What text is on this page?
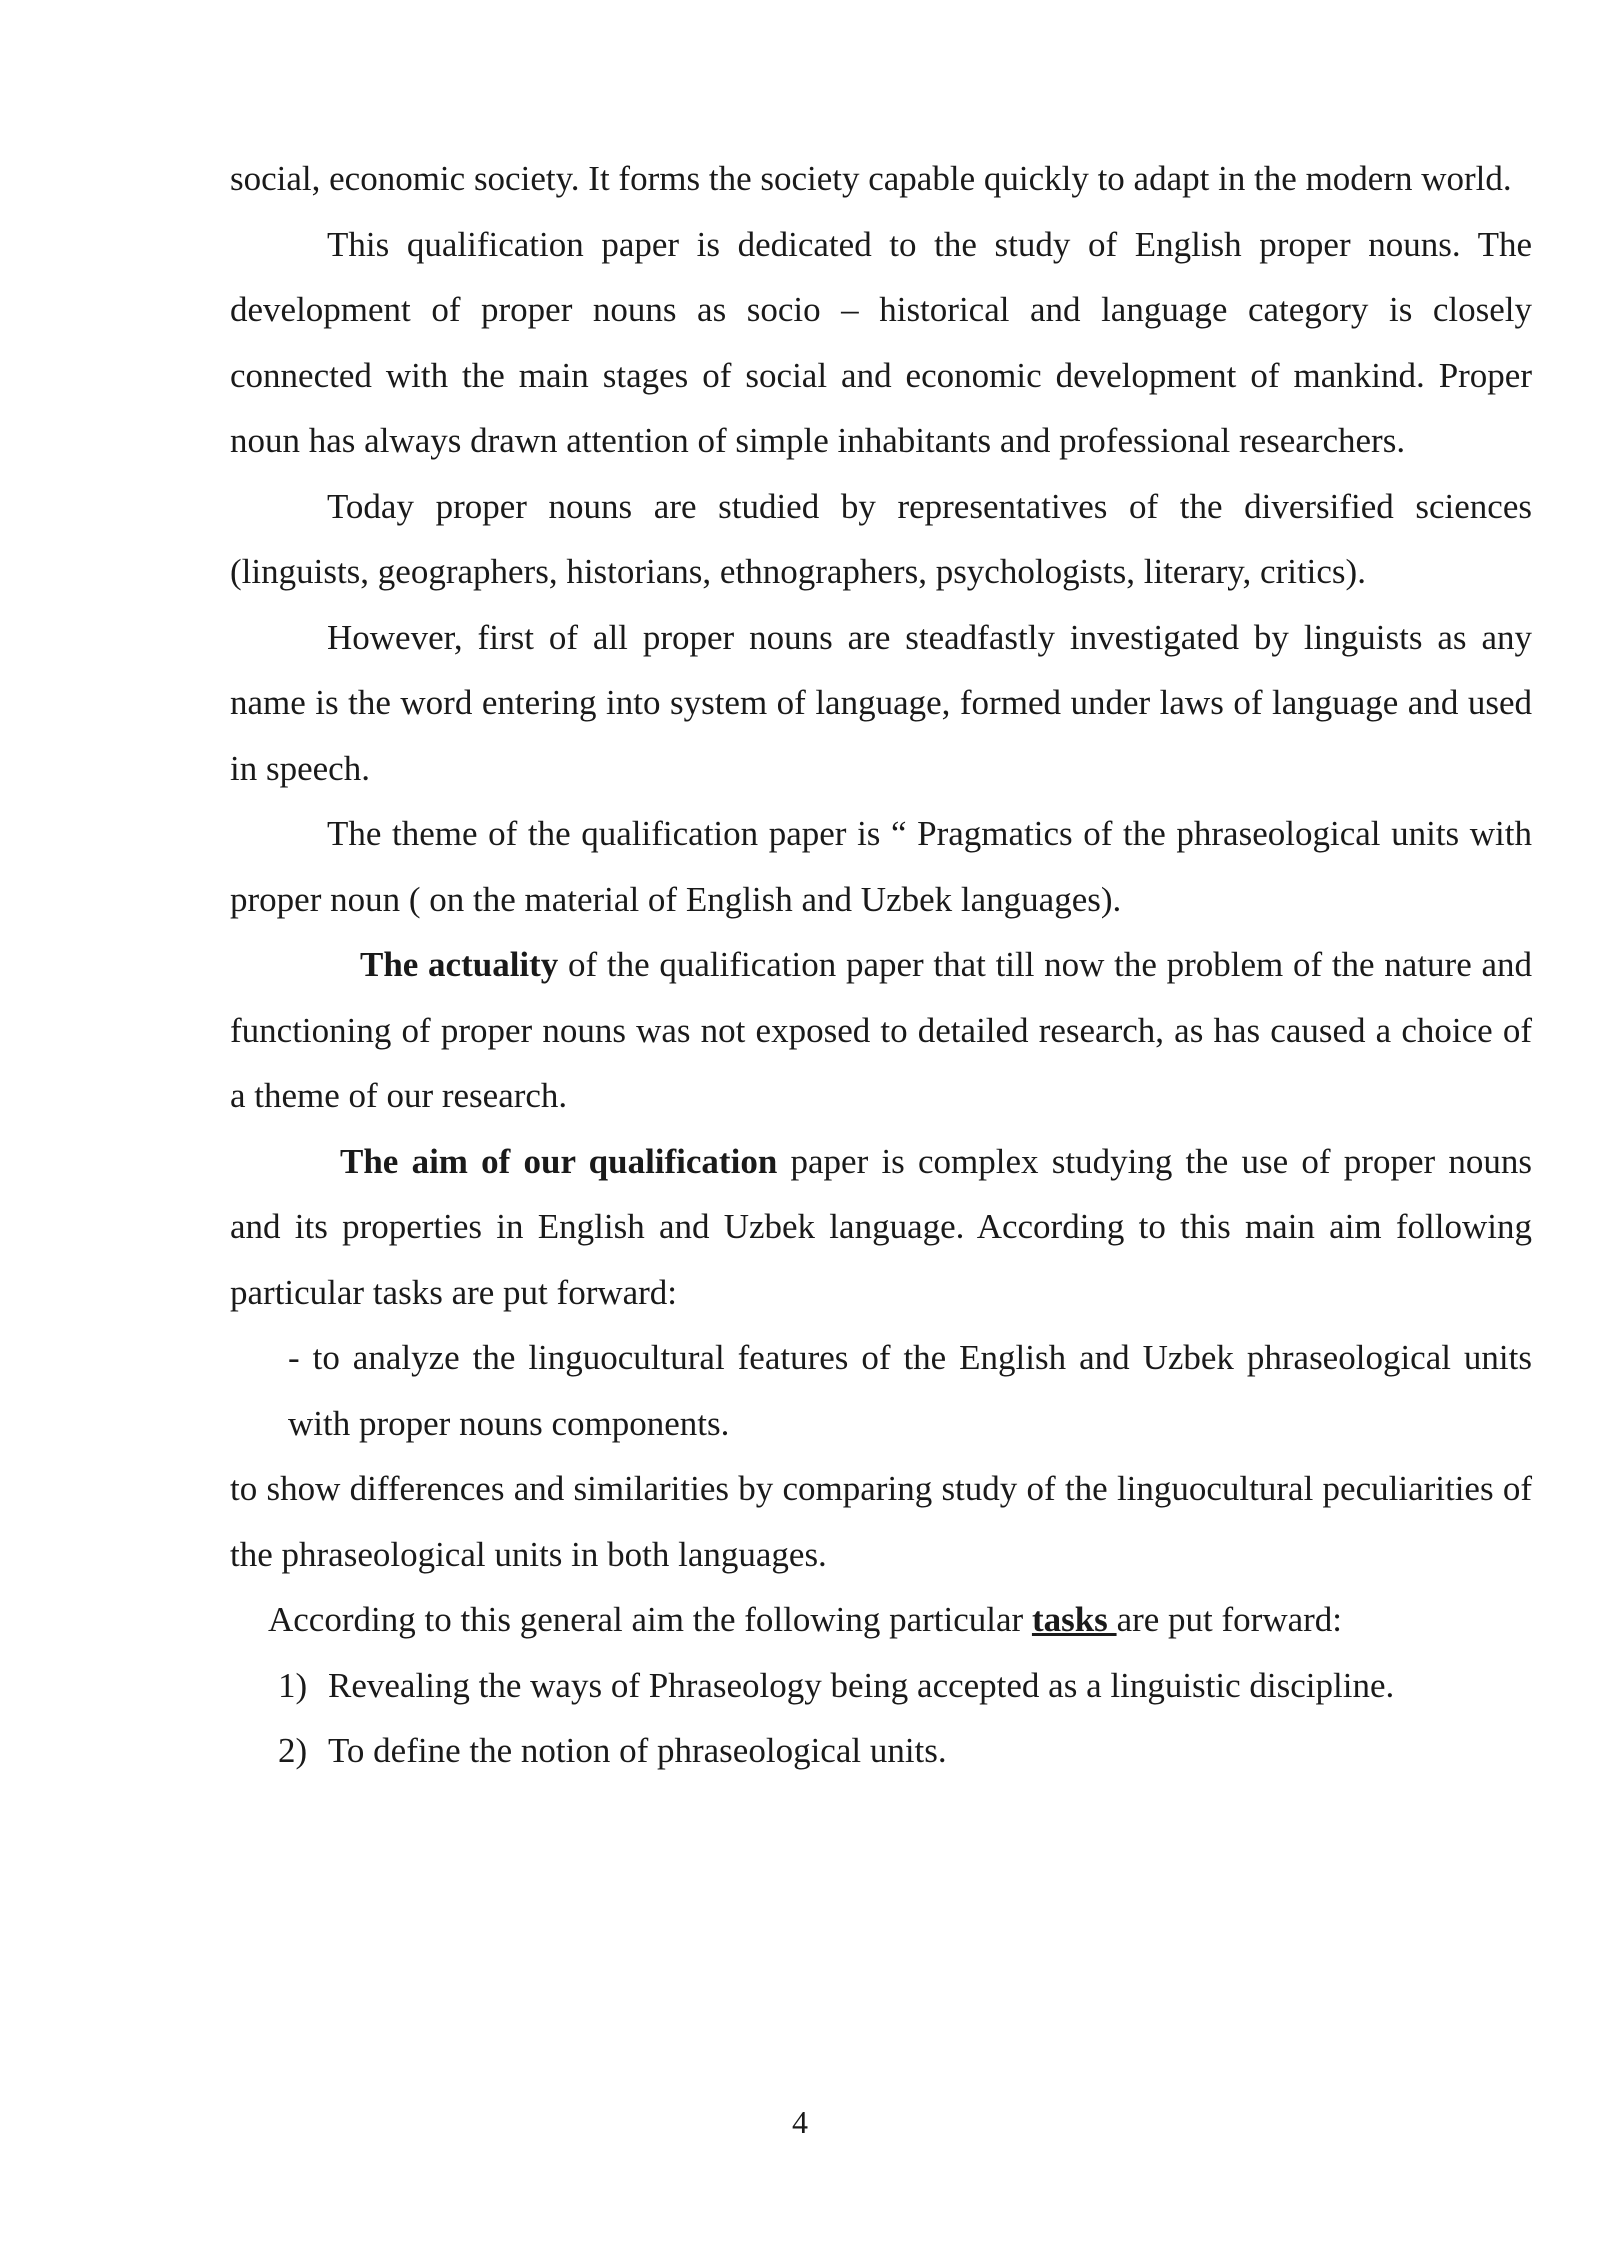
social, economic society. It forms the society capable quickly to adapt in the modern world.

This qualification paper is dedicated to the study of English proper nouns. The development of proper nouns as socio – historical and language category is closely connected with the main stages of social and economic development of mankind. Proper noun has always drawn attention of simple inhabitants and professional researchers.

Today proper nouns are studied by representatives of the diversified sciences (linguists, geographers, historians, ethnographers, psychologists, literary, critics).

However, first of all proper nouns are steadfastly investigated by linguists as any name is the word entering into system of language, formed under laws of language and used in speech.

The theme of the qualification paper is “ Pragmatics of the phraseological units with proper noun ( on the material of English and Uzbek languages).

The actuality of the qualification paper that till now the problem of the nature and functioning of proper nouns was not exposed to detailed research, as has caused a choice of a theme of our research.

The aim of our qualification paper is complex studying the use of proper nouns and its properties in English and Uzbek language. According to this main aim following particular tasks are put forward:

- to analyze the linguocultural features of the English and Uzbek phraseological units with proper nouns components.

to show differences and similarities by comparing study of the linguocultural peculiarities of the phraseological units in both languages.

According to this general aim the following particular tasks are put forward:

1) Revealing the ways of Phraseology being accepted as a linguistic discipline.
2) To define the notion of phraseological units.
4
